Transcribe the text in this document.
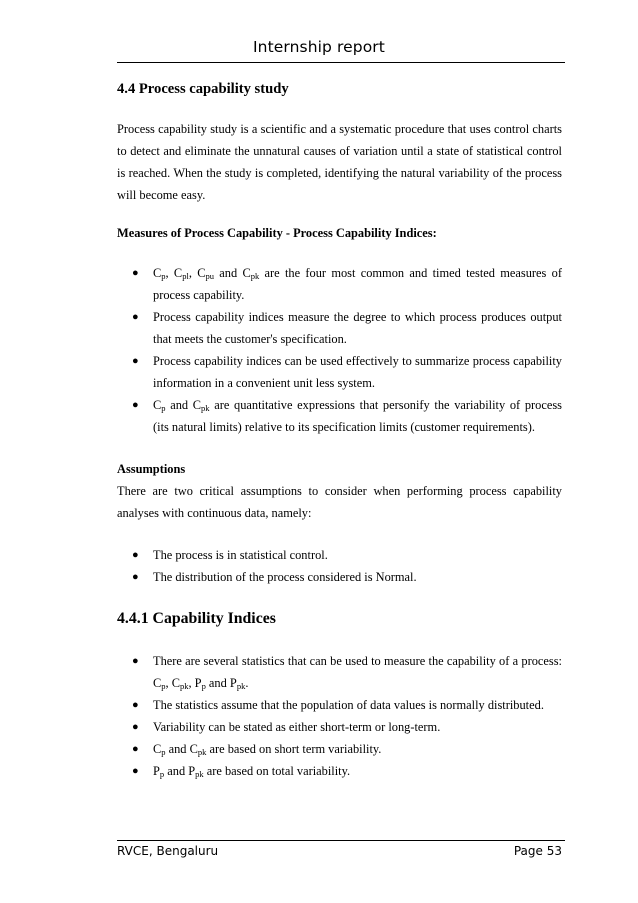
Internship report

4.4 Process capability study

Process capability study is a scientific and a systematic procedure that uses control charts to detect and eliminate the unnatural causes of variation until a state of statistical control is reached. When the study is completed, identifying the natural variability of the process will become easy.

Measures of Process Capability - Process Capability Indices:

● $C_p$, $C_{pl}$, $C_{pu}$ and $C_{pk}$ are the four most common and timed tested measures of process capability.
● Process capability indices measure the degree to which process produces output that meets the customer's specification.
● Process capability indices can be used effectively to summarize process capability information in a convenient unit less system.
● $C_p$ and $C_{pk}$ are quantitative expressions that personify the variability of process (its natural limits) relative to its specification limits (customer requirements).

Assumptions

There are two critical assumptions to consider when performing process capability analyses with continuous data, namely:

● The process is in statistical control.
● The distribution of the process considered is Normal.

4.4.1 Capability Indices

● There are several statistics that can be used to measure the capability of a process: $C_p$, $C_{pk}$, $P_p$ and $P_{pk}$.
● The statistics assume that the population of data values is normally distributed.
● Variability can be stated as either short-term or long-term.
● $C_p$ and $C_{pk}$ are based on short term variability.
● $P_p$ and $P_{pk}$ are based on total variability.
RVCE, Bengaluru	Page 53
